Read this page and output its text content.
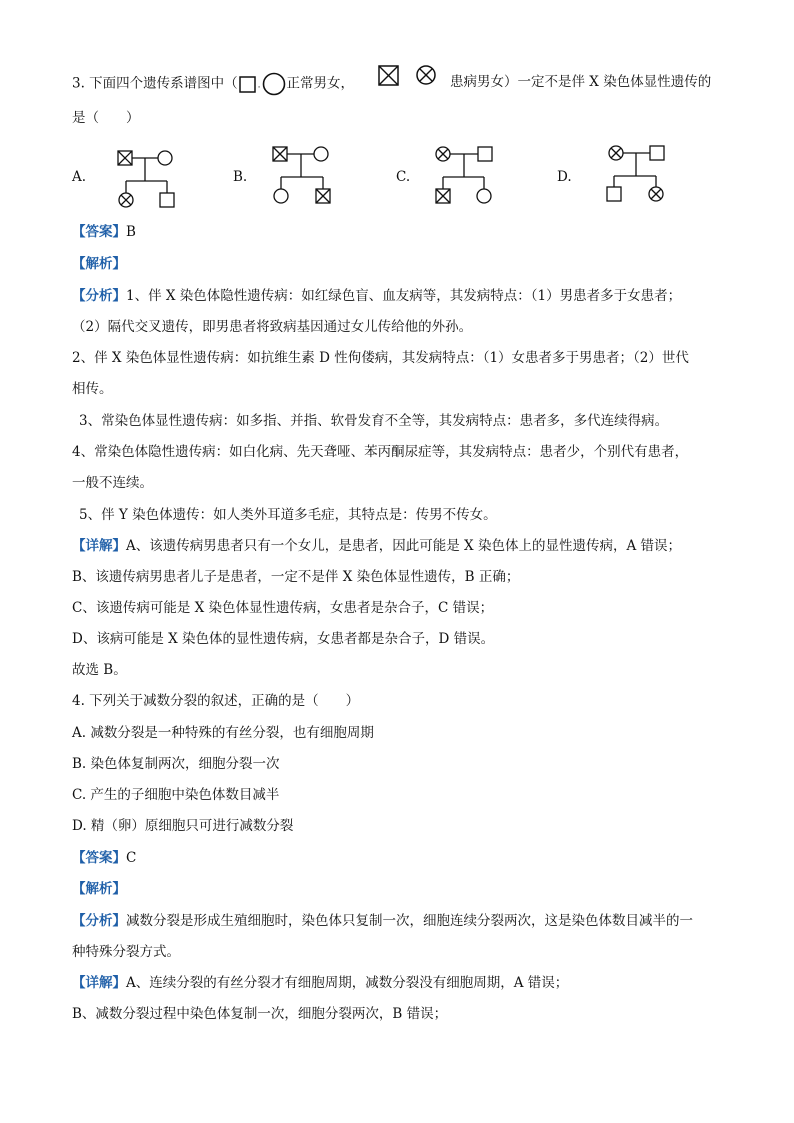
3. 下面四个遗传系谱图中（ . 正常男女，	患病男女）一定不是伴 X 染色体显性遗传的
是（　　）
A.	B.	C.	D.
【答案】B
【解析】
【分析】1、伴 X 染色体隐性遗传病：如红绿色盲、血友病等，其发病特点：（1）男患者多于女患者；
（2）隔代交叉遗传，即男患者将致病基因通过女儿传给他的外孙。
2、伴 X 染色体显性遗传病：如抗维生素 D 性佝偻病，其发病特点：（1）女患者多于男患者；（2）世代
相传。
3、常染色体显性遗传病：如多指、并指、软骨发育不全等，其发病特点：患者多，多代连续得病。
4、常染色体隐性遗传病：如白化病、先天聋哑、苯丙酮尿症等，其发病特点：患者少，个别代有患者，
一般不连续。
5、伴 Y 染色体遗传：如人类外耳道多毛症，其特点是：传男不传女。
【详解】A、该遗传病男患者只有一个女儿，是患者，因此可能是 X 染色体上的显性遗传病，A 错误；
B、该遗传病男患者儿子是患者，一定不是伴 X 染色体显性遗传，B 正确；
C、该遗传病可能是 X 染色体显性遗传病，女患者是杂合子，C 错误；
D、该病可能是 X 染色体的显性遗传病，女患者都是杂合子，D 错误。
故选 B。
4. 下列关于减数分裂的叙述，正确的是（　　）
A. 减数分裂是一种特殊的有丝分裂，也有细胞周期
B. 染色体复制两次，细胞分裂一次
C. 产生的子细胞中染色体数目减半
D. 精（卵）原细胞只可进行减数分裂
【答案】C
【解析】
【分析】减数分裂是形成生殖细胞时，染色体只复制一次，细胞连续分裂两次，这是染色体数目减半的一
种特殊分裂方式。
【详解】A、连续分裂的有丝分裂才有细胞周期，减数分裂没有细胞周期，A 错误；
B、减数分裂过程中染色体复制一次，细胞分裂两次，B 错误；
